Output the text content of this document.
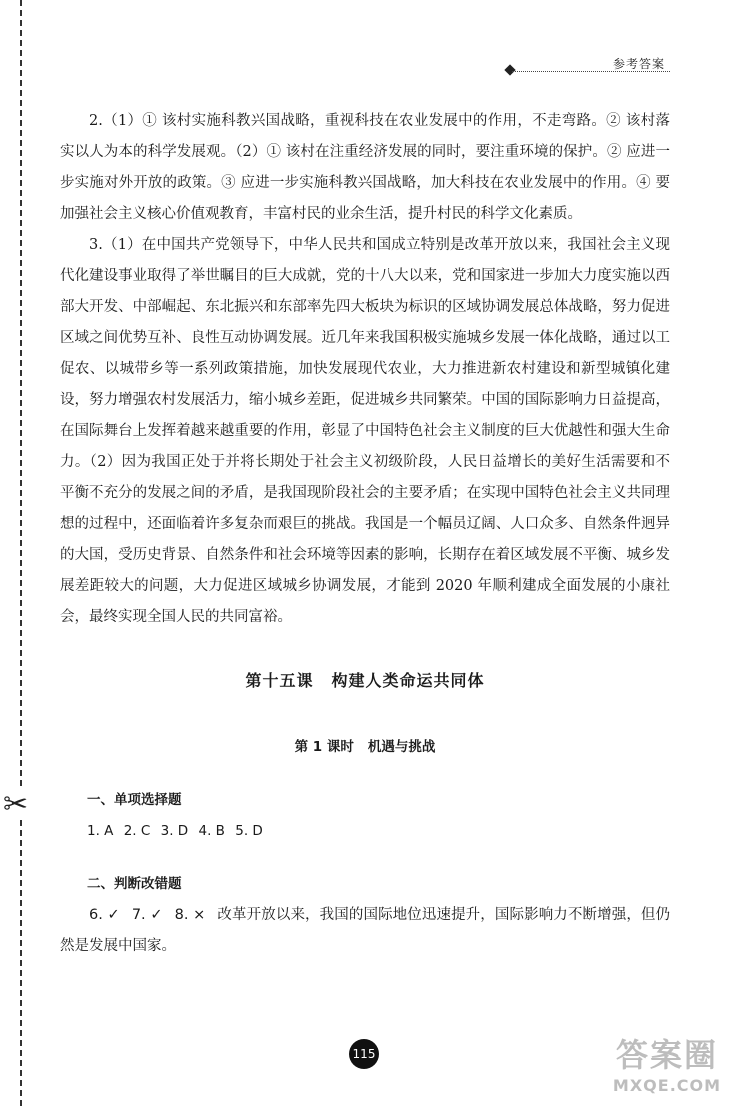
✂
参考答案

2.（1）① 该村实施科教兴国战略，重视科技在农业发展中的作用，不走弯路。② 该村落实以人为本的科学发展观。（2）① 该村在注重经济发展的同时，要注重环境的保护。② 应进一步实施对外开放的政策。③ 应进一步实施科教兴国战略，加大科技在农业发展中的作用。④ 要加强社会主义核心价值观教育，丰富村民的业余生活，提升村民的科学文化素质。

3.（1）在中国共产党领导下，中华人民共和国成立特别是改革开放以来，我国社会主义现代化建设事业取得了举世瞩目的巨大成就，党的十八大以来，党和国家进一步加大力度实施以西部大开发、中部崛起、东北振兴和东部率先四大板块为标识的区域协调发展总体战略，努力促进区域之间优势互补、良性互动协调发展。近几年来我国积极实施城乡发展一体化战略，通过以工促农、以城带乡等一系列政策措施，加快发展现代农业，大力推进新农村建设和新型城镇化建设，努力增强农村发展活力，缩小城乡差距，促进城乡共同繁荣。中国的国际影响力日益提高，在国际舞台上发挥着越来越重要的作用，彰显了中国特色社会主义制度的巨大优越性和强大生命力。（2）因为我国正处于并将长期处于社会主义初级阶段，人民日益增长的美好生活需要和不平衡不充分的发展之间的矛盾，是我国现阶段社会的主要矛盾；在实现中国特色社会主义共同理想的过程中，还面临着许多复杂而艰巨的挑战。我国是一个幅员辽阔、人口众多、自然条件迥异的大国，受历史背景、自然条件和社会环境等因素的影响，长期存在着区域发展不平衡、城乡发展差距较大的问题，大力促进区域城乡协调发展，才能到 2020 年顺利建成全面发展的小康社会，最终实现全国人民的共同富裕。

第十五课 构建人类命运共同体
第 1 课时 机遇与挑战
一、单项选择题
1. A 2. C 3. D 4. B 5. D
二、判断改错题

6. ✓ 7. ✓ 8. × 改革开放以来，我国的国际地位迅速提升，国际影响力不断增强，但仍然是发展中国家。

115	答案圈
MXQE.COM
